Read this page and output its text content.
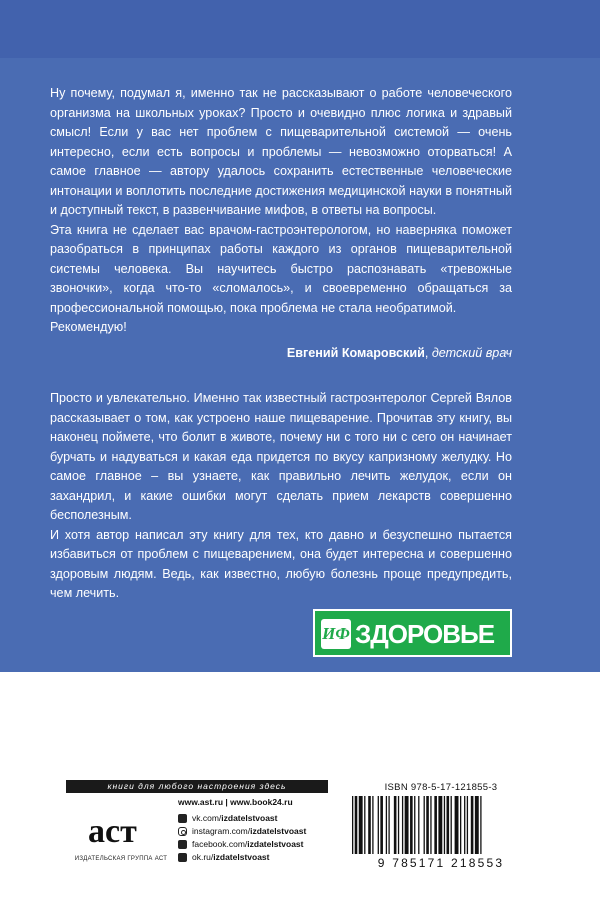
Ну почему, подумал я, именно так не рассказывают о работе человеческого организма на школьных уроках? Просто и очевидно плюс логика и здравый смысл! Если у вас нет проблем с пищеварительной системой — очень интересно, если есть вопросы и проблемы — невозможно оторваться! А самое главное — автору удалось сохранить естественные человеческие интонации и воплотить последние достижения медицинской науки в понятный и доступный текст, в развенчивание мифов, в ответы на вопросы.

Эта книга не сделает вас врачом-гастроэнтерологом, но наверняка поможет разобраться в принципах работы каждого из органов пищеварительной системы человека. Вы научитесь быстро распознавать «тревожные звоночки», когда что-то «сломалось», и своевременно обращаться за профессиональной помощью, пока проблема не стала необратимой.

Рекомендую!

Евгений Комаровский, детский врач

Просто и увлекательно. Именно так известный гастроэнтеролог Сергей Вялов рассказывает о том, как устроено наше пищеварение. Прочитав эту книгу, вы наконец поймете, что болит в животе, почему ни с того ни с сего он начинает бурчать и надуваться и какая еда придется по вкусу капризному желудку. Но самое главное – вы узнаете, как правильно лечить желудок, если он захандрил, и какие ошибки могут сделать прием лекарств совершенно бесполезным.

И хотя автор написал эту книгу для тех, кто давно и безуспешно пытается избавиться от проблем с пищеварением, она будет интересна и совершенно здоровым людям. Ведь, как известно, любую болезнь проще предупредить, чем лечить.

ИФ ЗДОРОВЬЕ
книги для любого настроения здесь
аст
ИЗДАТЕЛЬСКАЯ ГРУППА АСТ
www.ast.ru | www.book24.ru
vk.com/ izdatelstvoast
instagram.com/ izdatelstvoast
facebook.com/ izdatelstvoast
ok.ru/ izdatelstvoast
ISBN 978-5-17-121855-3
9 785171 218553
